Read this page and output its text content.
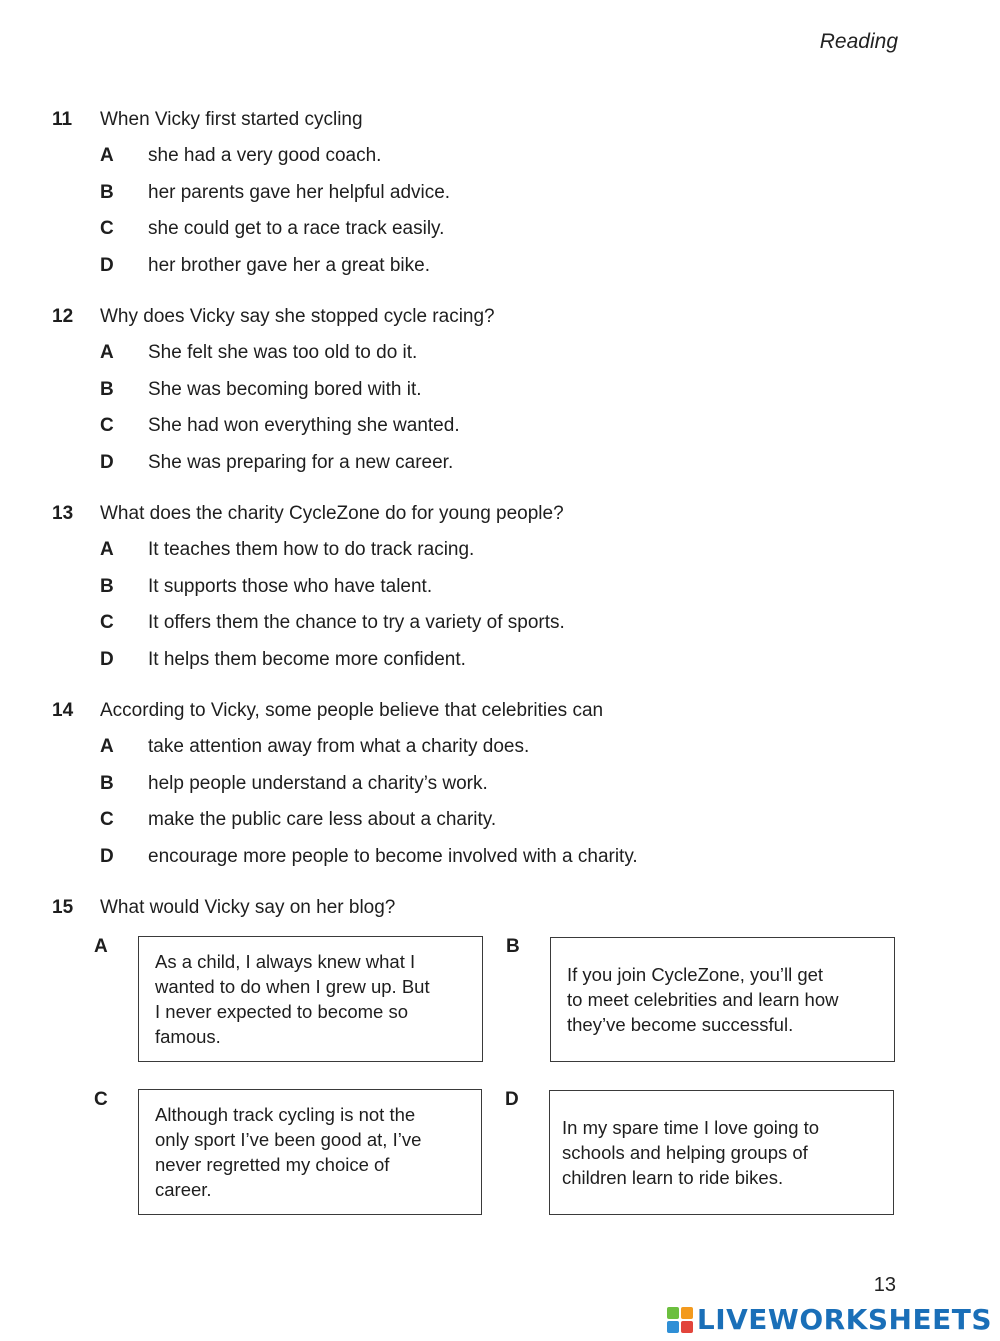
Reading
11 When Vicky first started cycling
A she had a very good coach.
B her parents gave her helpful advice.
C she could get to a race track easily.
D her brother gave her a great bike.
12 Why does Vicky say she stopped cycle racing?
A She felt she was too old to do it.
B She was becoming bored with it.
C She had won everything she wanted.
D She was preparing for a new career.
13 What does the charity CycleZone do for young people?
A It teaches them how to do track racing.
B It supports those who have talent.
C It offers them the chance to try a variety of sports.
D It helps them become more confident.
14 According to Vicky, some people believe that celebrities can
A take attention away from what a charity does.
B help people understand a charity’s work.
C make the public care less about a charity.
D encourage more people to become involved with a charity.
15 What would Vicky say on her blog?
A
As a child, I always knew what I
wanted to do when I grew up. But
I never expected to become so
famous.
B
If you join CycleZone, you’ll get
to meet celebrities and learn how
they’ve become successful.
C
Although track cycling is not the
only sport I’ve been good at, I’ve
never regretted my choice of
career.
D
In my spare time I love going to
schools and helping groups of
children learn to ride bikes.
13
LIVEWORKSHEETS
